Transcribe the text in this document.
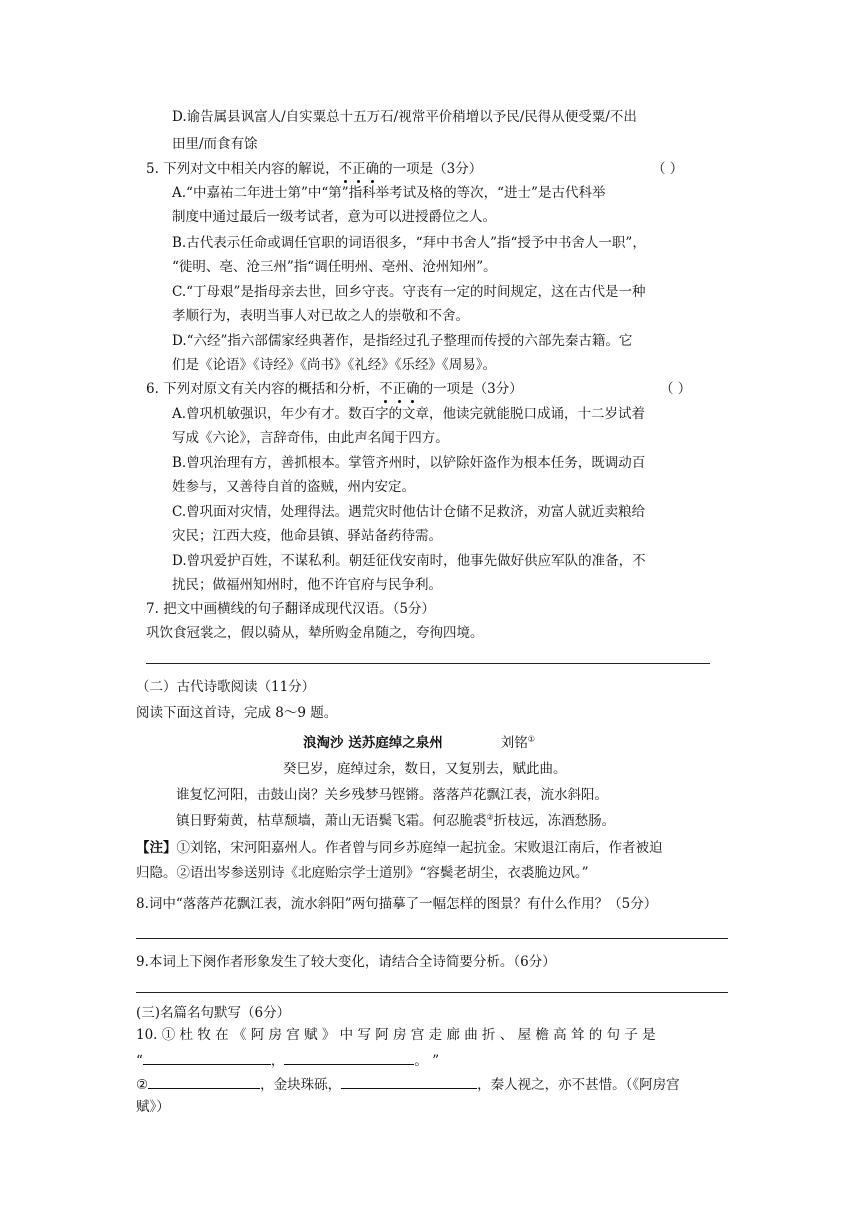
D.谕告属县讽富人/自实粟总十五万石/视常平价稍增以予民/民得从便受粟/不出
田里/而食有馀
5. 下列对文中相关内容的解说，不正确的一项是（3分）	（ ）
A.“中嘉祐二年进士第”中“第”指科举考试及格的等次，“进士”是古代科举
制度中通过最后一级考试者，意为可以进授爵位之人。
B.古代表示任命或调任官职的词语很多，“拜中书舍人”指“授予中书舍人一职”，
“徙明、亳、沧三州”指“调任明州、亳州、沧州知州”。
C.“丁母艰”是指母亲去世，回乡守丧。守丧有一定的时间规定，这在古代是一种
孝顺行为，表明当事人对已故之人的崇敬和不舍。
D.“六经”指六部儒家经典著作，是指经过孔子整理而传授的六部先秦古籍。它
们是《论语》《诗经》《尚书》《礼经》《乐经》《周易》。
6. 下列对原文有关内容的概括和分析，不正确的一项是（3分）	（ ）
A.曾巩机敏强识，年少有才。数百字的文章，他读完就能脱口成诵，十二岁试着
写成《六论》，言辞奇伟，由此声名闻于四方。
B.曾巩治理有方，善抓根本。掌管齐州时，以铲除奸盗作为根本任务，既调动百
姓参与，又善待自首的盗贼，州内安定。
C.曾巩面对灾情，处理得法。遇荒灾时他估计仓储不足救济，劝富人就近卖粮给
灾民；江西大疫，他命县镇、驿站备药待需。
D.曾巩爱护百姓，不谋私利。朝廷征伐安南时，他事先做好供应军队的准备，不
扰民；做福州知州时，他不许官府与民争利。
7. 把文中画横线的句子翻译成现代汉语。（5分）
巩饮食冠裳之，假以骑从，辇所购金帛随之，夸徇四境。
（二）古代诗歌阅读（11分）
阅读下面这首诗，完成 8～9 题。
浪淘沙 送苏庭绰之泉州	刘铭①
癸巳岁，庭绰过余，数日，又复别去，赋此曲。
谁复忆河阳，击鼓山岗？关乡残梦马铿锵。落落芦花飘江表，流水斜阳。
镇日野菊黄，枯草颓墙，萧山无语鬓飞霜。何忍脆裘②折枝远，冻酒愁肠。
【注】①刘铭，宋河阳嘉州人。作者曾与同乡苏庭绰一起抗金。宋败退江南后，作者被迫
归隐。②语出岑参送别诗《北庭贻宗学士道别》“容鬓老胡尘，衣裘脆边风。”
8.词中“落落芦花飘江表，流水斜阳”两句描摹了一幅怎样的图景？有什么作用？（5分）
9.本词上下阕作者形象发生了较大变化，请结合全诗简要分析。（6分）
(三)名篇名句默写（6分）
10. ① 杜 牧 在 《 阿 房 宫 赋 》 中 写 阿 房 宫 走 廊 曲 折 、 屋 檐 高 耸 的 句 子 是
“	，	。 ”
②	，金块珠砾，	，秦人视之，亦不甚惜。（《阿房宫
赋》）
